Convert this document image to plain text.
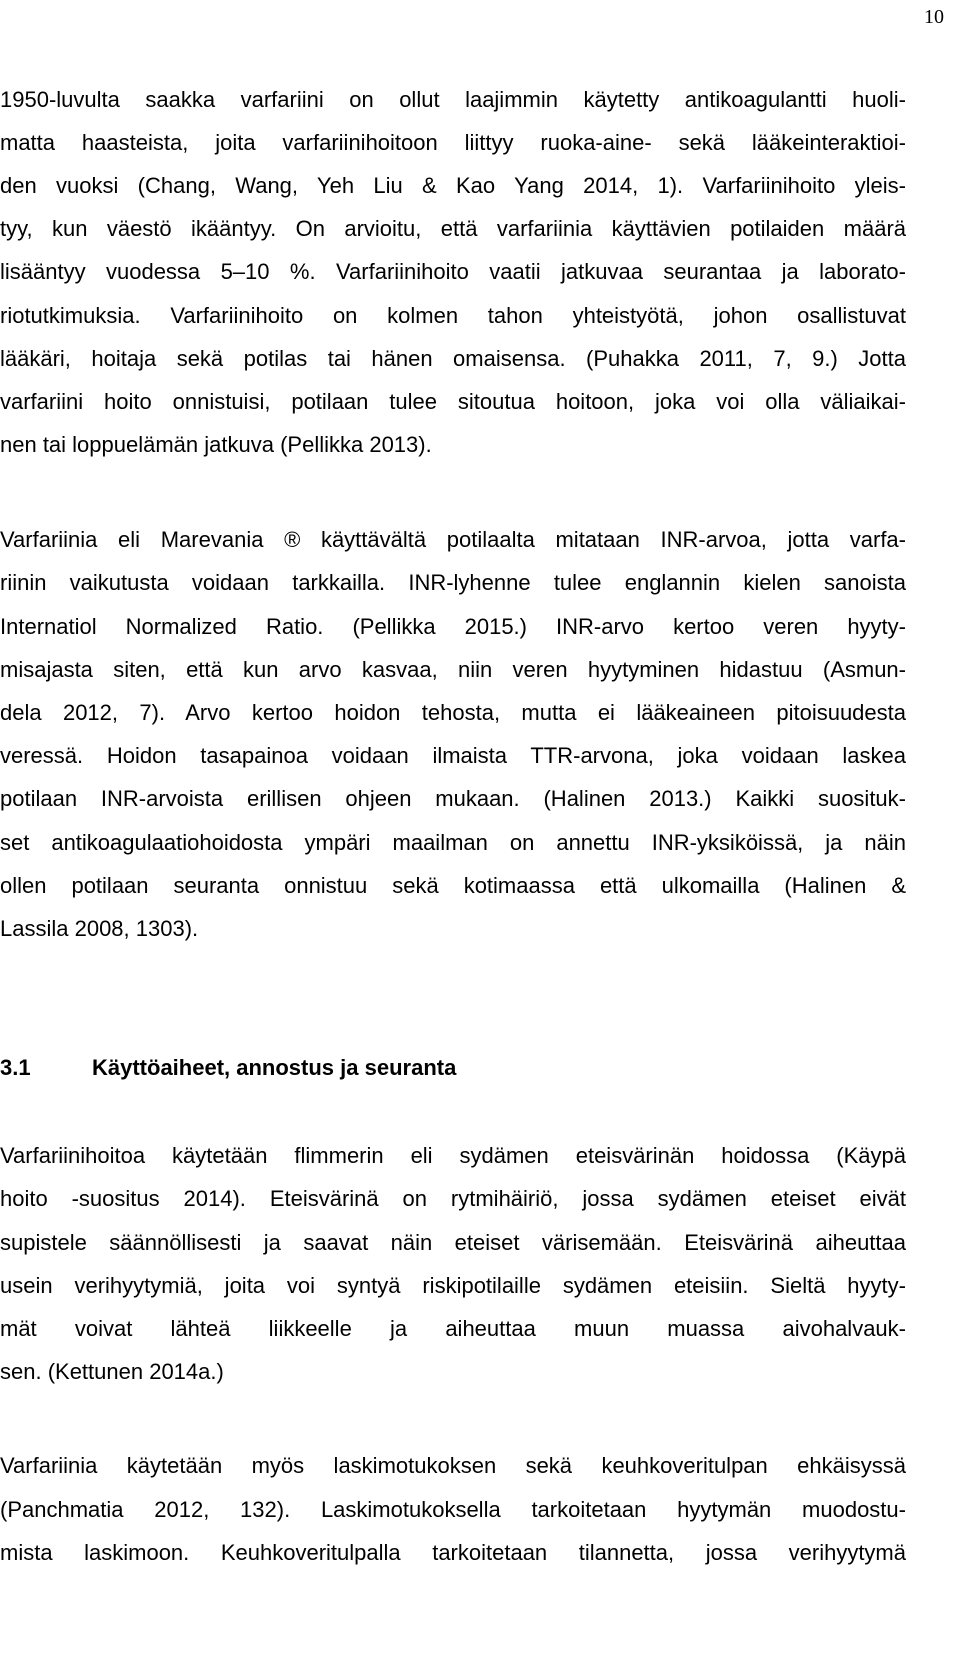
10
1950-luvulta saakka varfariini on ollut laajimmin käytetty antikoagulantti huoli-
matta haasteista, joita varfariinihoitoon liittyy ruoka-aine- sekä lääkeinteraktioi-
den vuoksi (Chang, Wang, Yeh Liu & Kao Yang 2014, 1). Varfariinihoito yleis-
tyy, kun väestö ikääntyy. On arvioitu, että varfariinia käyttävien potilaiden määrä
lisääntyy vuodessa 5–10 %. Varfariinihoito vaatii jatkuvaa seurantaa ja laborato-
riotutkimuksia. Varfariinihoito on kolmen tahon yhteistyötä, johon osallistuvat
lääkäri, hoitaja sekä potilas tai hänen omaisensa. (Puhakka 2011, 7, 9.) Jotta
varfariini hoito onnistuisi, potilaan tulee sitoutua hoitoon, joka voi olla väliaikai-
nen tai loppuelämän jatkuva (Pellikka 2013).
Varfariinia eli Marevania ® käyttävältä potilaalta mitataan INR-arvoa, jotta varfa-
riinin vaikutusta voidaan tarkkailla. INR-lyhenne tulee englannin kielen sanoista
Internatiol Normalized Ratio. (Pellikka 2015.) INR-arvo kertoo veren hyyty-
misajasta siten, että kun arvo kasvaa, niin veren hyytyminen hidastuu (Asmun-
dela 2012, 7). Arvo kertoo hoidon tehosta, mutta ei lääkeaineen pitoisuudesta
veressä. Hoidon tasapainoa voidaan ilmaista TTR-arvona, joka voidaan laskea
potilaan INR-arvoista erillisen ohjeen mukaan. (Halinen 2013.) Kaikki suosituk-
set antikoagulaatiohoidosta ympäri maailman on annettu INR-yksiköissä, ja näin
ollen potilaan seuranta onnistuu sekä kotimaassa että ulkomailla (Halinen &
Lassila 2008, 1303).
3.1	Käyttöaiheet, annostus ja seuranta
Varfariinihoitoa käytetään flimmerin eli sydämen eteisvärinän hoidossa (Käypä
hoito -suositus 2014). Eteisvärinä on rytmihäiriö, jossa sydämen eteiset eivät
supistele säännöllisesti ja saavat näin eteiset värisemään. Eteisvärinä aiheuttaa
usein verihyytymiä, joita voi syntyä riskipotilaille sydämen eteisiin. Sieltä hyyty-
mät voivat lähteä liikkeelle ja aiheuttaa muun muassa aivohalvauk-
sen. (Kettunen 2014a.)
Varfariinia käytetään myös laskimotukoksen sekä keuhkoveritulpan ehkäisyssä
(Panchmatia 2012, 132). Laskimotukoksella tarkoitetaan hyytymän muodostu-
mista laskimoon. Keuhkoveritulpalla tarkoitetaan tilannetta, jossa verihyytymä
